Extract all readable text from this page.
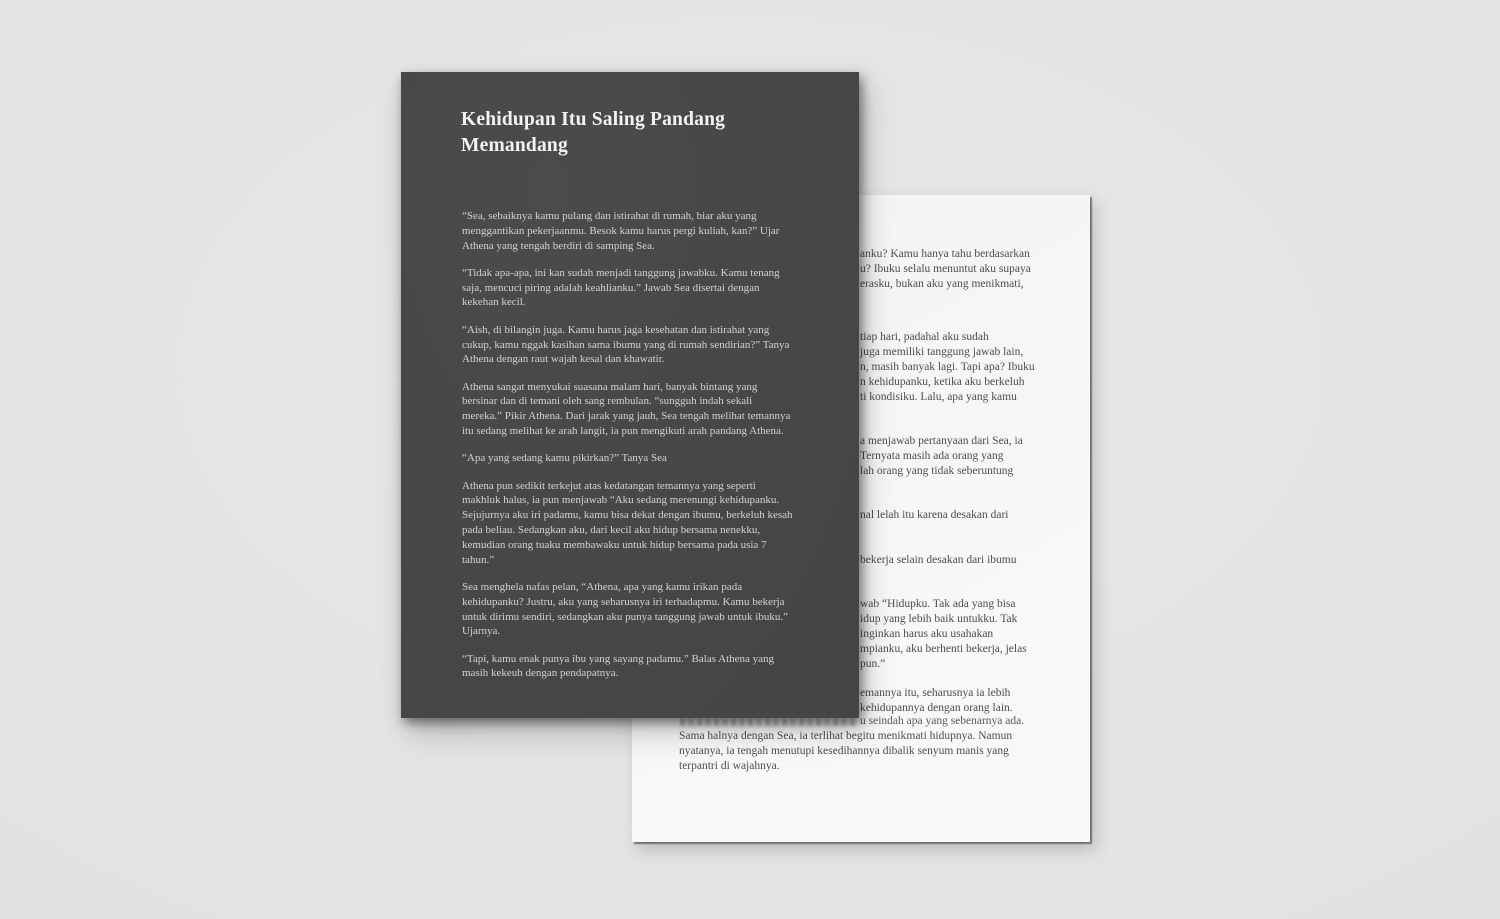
anku? Kamu hanya tahu berdasarkan
u? Ibuku selalu menuntut aku supaya
erasku, bukan aku yang menikmati,
tiap hari, padahal aku sudah
juga memiliki tanggung jawab lain,
n, masih banyak lagi. Tapi apa? Ibuku
n kehidupanku, ketika aku berkeluh
ti kondisiku. Lalu, apa yang kamu
a menjawab pertanyaan dari Sea, ia
Ternyata masih ada orang yang
lah orang yang tidak seberuntung
nal lelah itu karena desakan dari
bekerja selain desakan dari ibumu
wab “Hidupku. Tak ada yang bisa
idup yang lebih baik untukku. Tak
inginkan harus aku usahakan
mpianku, aku berhenti bekerja, jelas
pun.”
emannya itu, seharusnya ia lebih
kehidupannya dengan orang lain.
u seindah apa yang sebenarnya ada.
Sama halnya dengan Sea, ia terlihat begitu menikmati hidupnya. Namun
nyatanya, ia tengah menutupi kesedihannya dibalik senyum manis yang
terpantri di wajahnya.
Kehidupan Itu Saling Pandang
Memandang
“Sea, sebaiknya kamu pulang dan istirahat di rumah, biar aku yang
menggantikan pekerjaanmu. Besok kamu harus pergi kuliah, kan?” Ujar
Athena yang tengah berdiri di samping Sea.
“Tidak apa-apa, ini kan sudah menjadi tanggung jawabku. Kamu tenang
saja, mencuci piring adalah keahlianku.” Jawab Sea disertai dengan
kekehan kecil.
“Aish, di bilangin juga. Kamu harus jaga kesehatan dan istirahat yang
cukup, kamu nggak kasihan sama ibumu yang di rumah sendirian?” Tanya
Athena dengan raut wajah kesal dan khawatir.
Athena sangat menyukai suasana malam hari, banyak bintang yang
bersinar dan di temani oleh sang rembulan. “sungguh indah sekali
mereka.” Pikir Athena. Dari jarak yang jauh, Sea tengah melihat temannya
itu sedang melihat ke arah langit, ia pun mengikuti arah pandang Athena.
“Apa yang sedang kamu pikirkan?” Tanya Sea
Athena pun sedikit terkejut atas kedatangan temannya yang seperti
makhluk halus, ia pun menjawab “Aku sedang merenungi kehidupanku.
Sejujurnya aku iri padamu, kamu bisa dekat dengan ibumu, berkeluh kesah
pada beliau. Sedangkan aku, dari kecil aku hidup bersama nenekku,
kemudian orang tuaku membawaku untuk hidup bersama pada usia 7
tahun.”
Sea menghela nafas pelan, “Athena, apa yang kamu irikan pada
kehidupanku? Justru, aku yang seharusnya iri terhadapmu. Kamu bekerja
untuk dirimu sendiri, sedangkan aku punya tanggung jawab untuk ibuku.”
Ujarnya.
“Tapi, kamu enak punya ibu yang sayang padamu.” Balas Athena yang
masih kekeuh dengan pendapatnya.
